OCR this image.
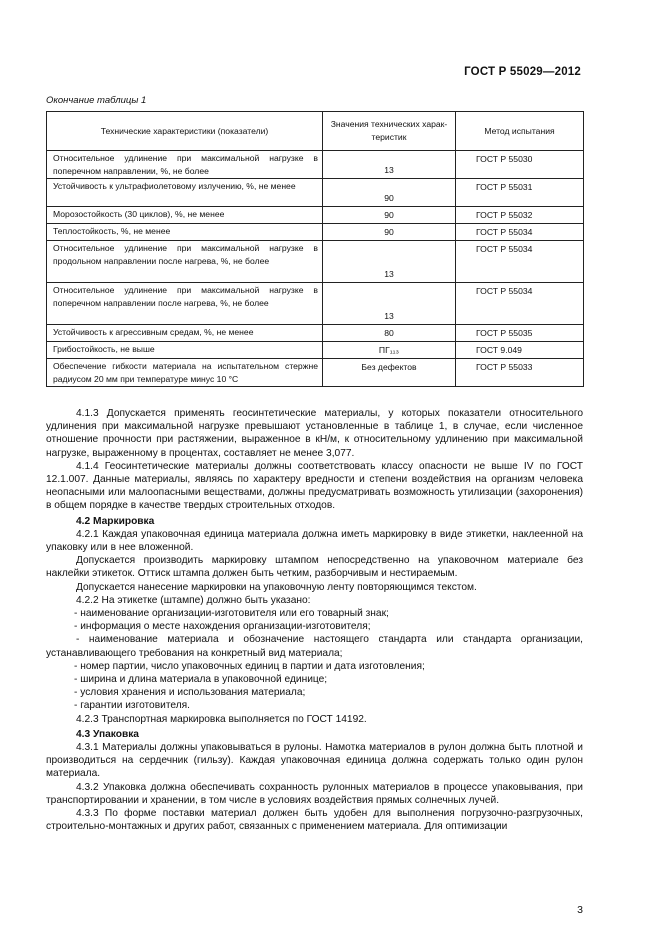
ГОСТ Р 55029—2012
Окончание таблицы 1
Технические характеристики (показатели)	Значения технических харак-теристик	Метод испытания

Относительное удлинение при максимальной нагрузке в поперечном направлении, %, не более	13	ГОСТ Р 55030

Устойчивость к ультрафиолетовому излучению, %, не менее	90	ГОСТ Р 55031

Морозостойкость (30 циклов), %, не менее	90	ГОСТ Р 55032

Теплостойкость, %, не менее	90	ГОСТ Р 55034

Относительное удлинение при максимальной нагрузке в продольном направлении после нагрева, %, не более	13	ГОСТ Р 55034

Относительное удлинение при максимальной нагрузке в поперечном направлении после нагрева, %, не более	13	ГОСТ Р 55034

Устойчивость к агрессивным средам, %, не менее	80	ГОСТ Р 55035

Грибостойкость, не выше	ПГ₁₁₃	ГОСТ 9.049

Обеспечение гибкости материала на испытательном стержне радиусом 20 мм при температуре минус 10 °С	Без дефектов	ГОСТ Р 55033

4.1.3 Допускается применять геосинтетические материалы, у которых показатели относительного удлинения при максимальной нагрузке превышают установленные в таблице 1, в случае, если численное отношение прочности при растяжении, выраженное в кН/м, к относительному удлинению при максимальной нагрузке, выраженному в процентах, составляет не менее 3,077.

4.1.4 Геосинтетические материалы должны соответствовать классу опасности не выше IV по ГОСТ 12.1.007. Данные материалы, являясь по характеру вредности и степени воздействия на организм человека неопасными или малоопасными веществами, должны предусматривать возможность утилизации (захоронения) в общем порядке в качестве твердых строительных отходов.

4.2 Маркировка

4.2.1 Каждая упаковочная единица материала должна иметь маркировку в виде этикетки, наклеенной на упаковку или в нее вложенной.

Допускается производить маркировку штампом непосредственно на упаковочном материале без наклейки этикеток. Оттиск штампа должен быть четким, разборчивым и нестираемым.

Допускается нанесение маркировки на упаковочную ленту повторяющимся текстом.

4.2.2 На этикетке (штампе) должно быть указано:

- наименование организации-изготовителя или его товарный знак;

- информация о месте нахождения организации-изготовителя;

- наименование материала и обозначение настоящего стандарта или стандарта организации, устанавливающего требования на конкретный вид материала;

- номер партии, число упаковочных единиц в партии и дата изготовления;

- ширина и длина материала в упаковочной единице;

- условия хранения и использования материала;

- гарантии изготовителя.

4.2.3 Транспортная маркировка выполняется по ГОСТ 14192.

4.3 Упаковка

4.3.1 Материалы должны упаковываться в рулоны. Намотка материалов в рулон должна быть плотной и производиться на сердечник (гильзу). Каждая упаковочная единица должна содержать только один рулон материала.

4.3.2 Упаковка должна обеспечивать сохранность рулонных материалов в процессе упаковывания, при транспортировании и хранении, в том числе в условиях воздействия прямых солнечных лучей.

4.3.3 По форме поставки материал должен быть удобен для выполнения погрузочно-разгрузочных, строительно-монтажных и других работ, связанных с применением материала. Для оптимизации

3
